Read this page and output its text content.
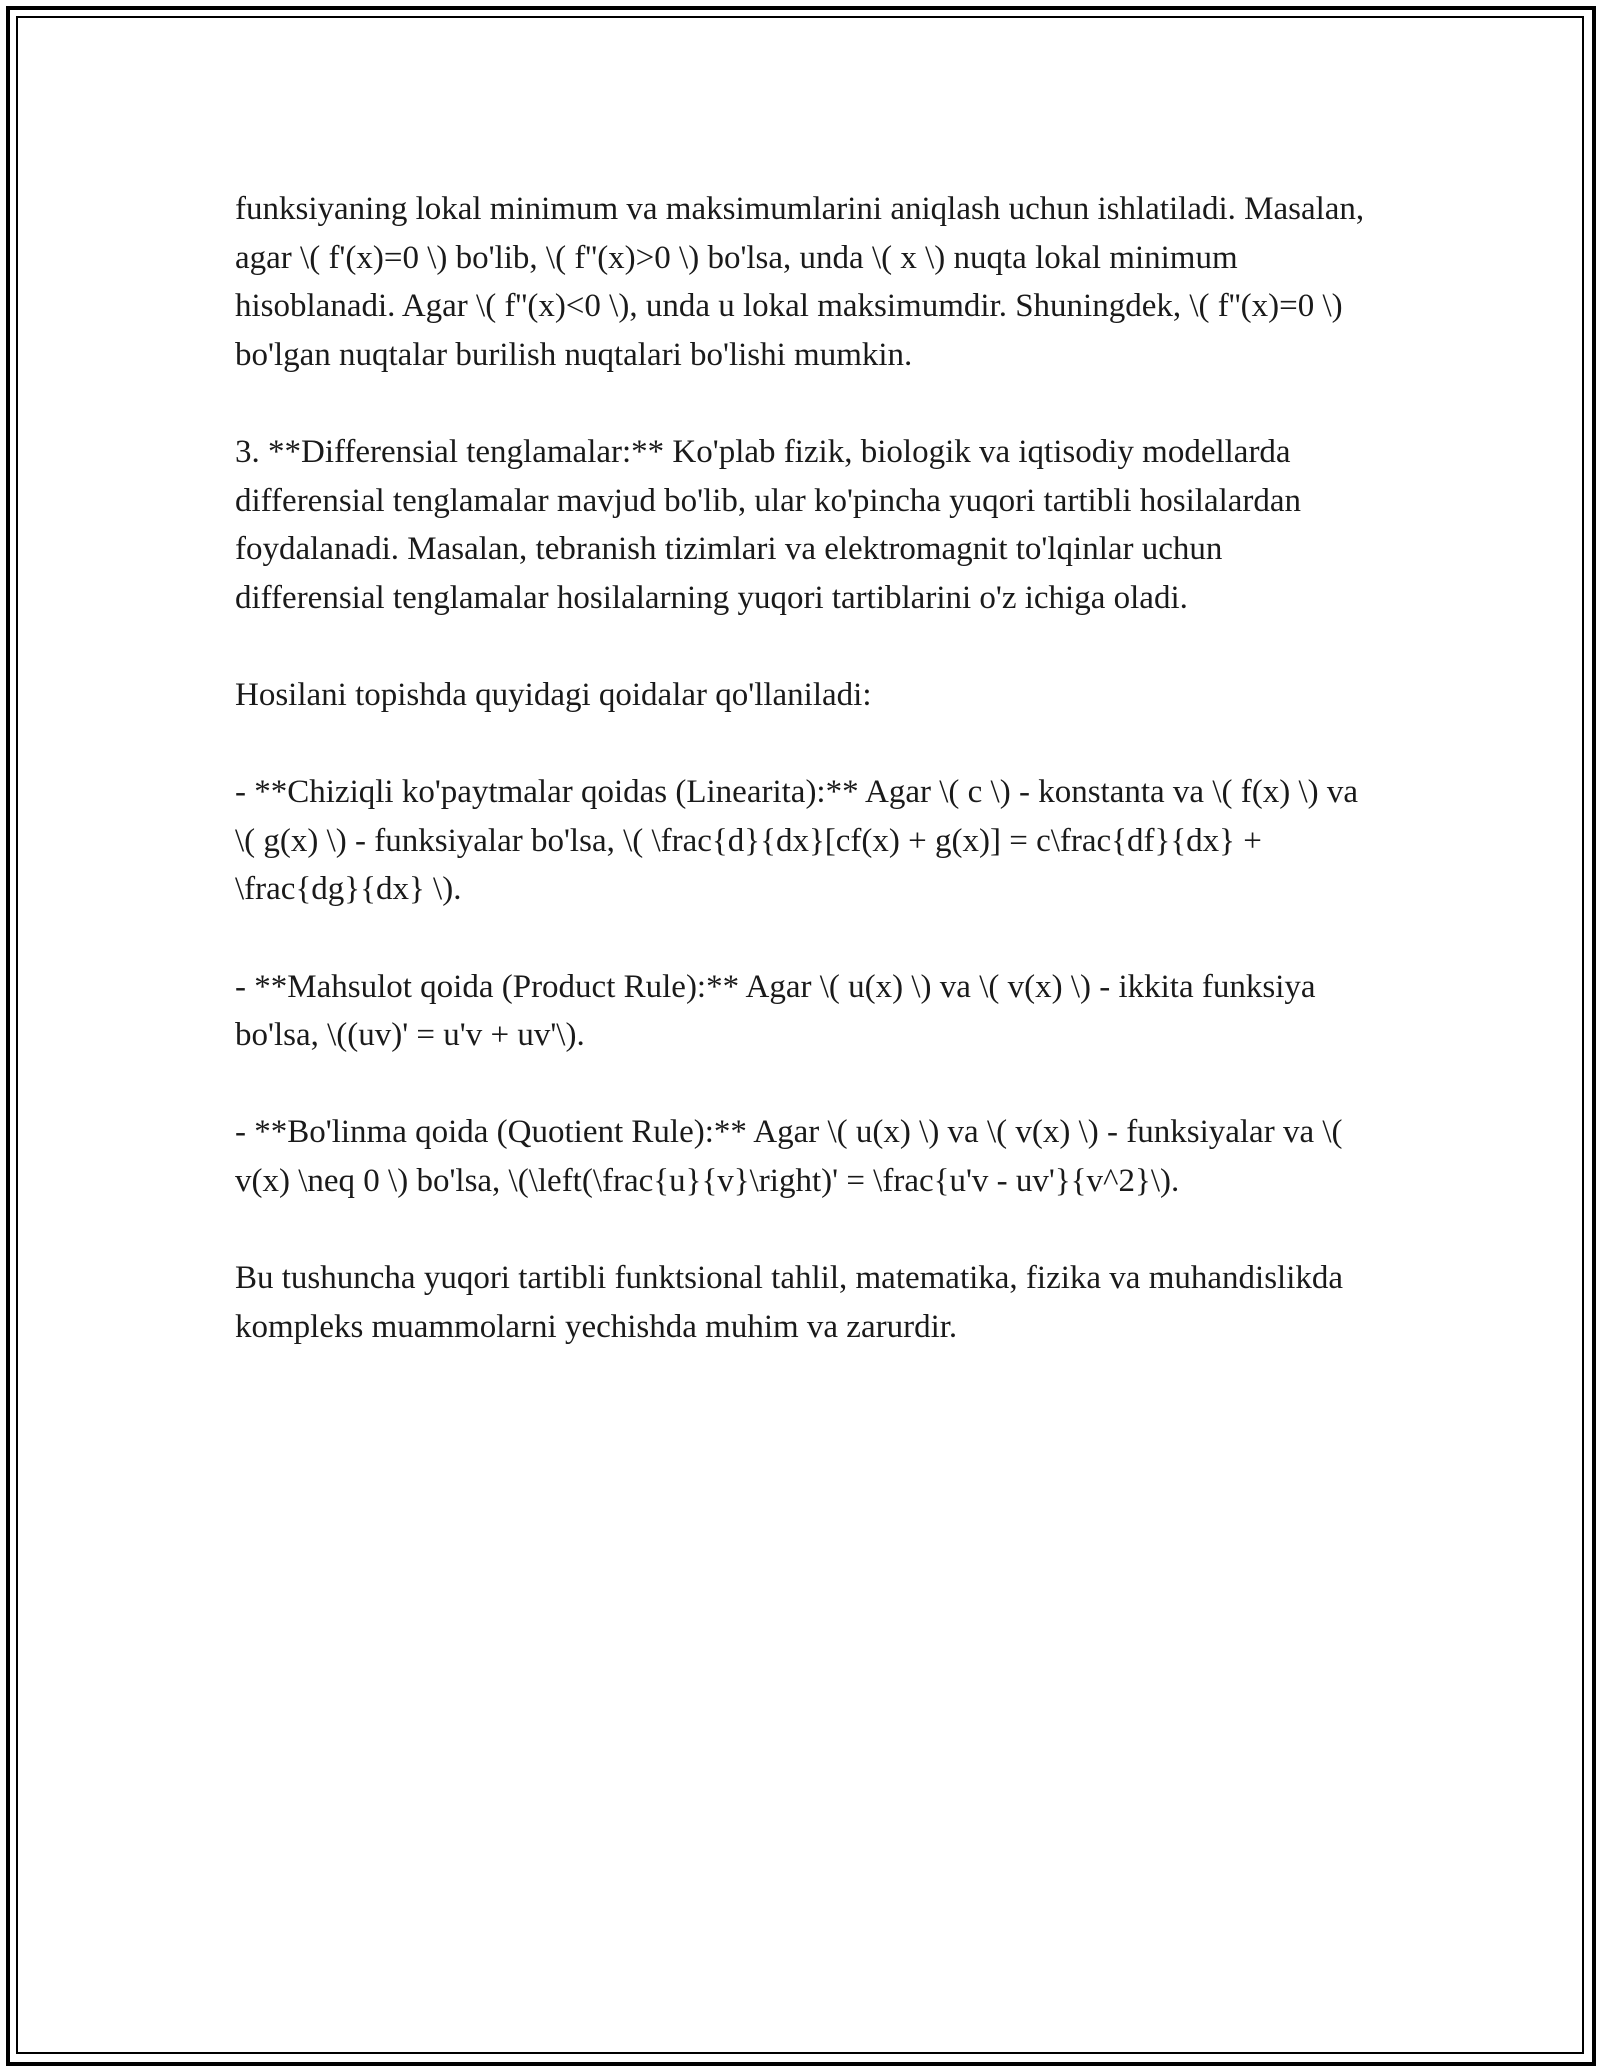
funksiyaning lokal minimum va maksimumlarini aniqlash uchun ishlatiladi. Masalan, agar \( f'(x)=0 \) bo'lib, \( f''(x)>0 \) bo'lsa, unda \( x \) nuqta lokal minimum hisoblanadi. Agar \( f''(x)<0 \), unda u lokal maksimumdir. Shuningdek, \( f''(x)=0 \) bo'lgan nuqtalar burilish nuqtalari bo'lishi mumkin.

3. **Differensial tenglamalar:** Ko'plab fizik, biologik va iqtisodiy modellarda differensial tenglamalar mavjud bo'lib, ular ko'pincha yuqori tartibli hosilalardan foydalanadi. Masalan, tebranish tizimlari va elektromagnit to'lqinlar uchun differensial tenglamalar hosilalarning yuqori tartiblarini o'z ichiga oladi.

Hosilani topishda quyidagi qoidalar qo'llaniladi:

- **Chiziqli ko'paytmalar qoidas (Linearita):** Agar \( c \) - konstanta va \( f(x) \) va \( g(x) \) - funksiyalar bo'lsa, \( \frac{d}{dx}[cf(x) + g(x)] = c\frac{df}{dx} + \frac{dg}{dx} \).

- **Mahsulot qoida (Product Rule):** Agar \( u(x) \) va \( v(x) \) - ikkita funksiya bo'lsa, \((uv)' = u'v + uv'\).

- **Bo'linma qoida (Quotient Rule):** Agar \( u(x) \) va \( v(x) \) - funksiyalar va \( v(x) \neq 0 \) bo'lsa, \(\left(\frac{u}{v}\right)' = \frac{u'v - uv'}{v^2}\).

Bu tushuncha yuqori tartibli funktsional tahlil, matematika, fizika va muhandislikda kompleks muammolarni yechishda muhim va zarurdir.
